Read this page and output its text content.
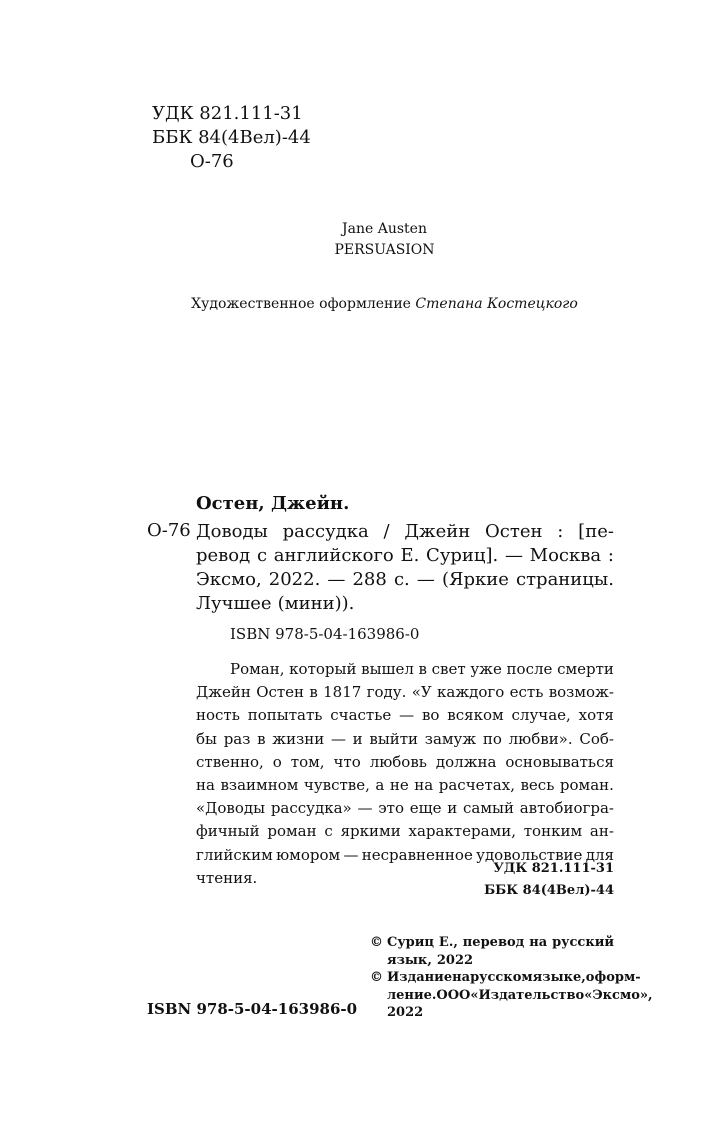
УДК 821.111-31
ББК 84(4Вел)-44
О-76
Jane Austen
PERSUASION
Художественное оформление Степана Костецкого
Остен, Джейн.
О-76 Доводы рассудка / Джейн Остен : [пе-
ревод с английского Е. Суриц]. — Москва :
Эксмо, 2022. — 288 с. — (Яркие страницы.
Лучшее (мини)).
ISBN 978-5-04-163986-0
Роман, который вышел в свет уже после смерти
Джейн Остен в 1817 году. «У каждого есть возмож-
ность попытать счастье — во всяком случае, хотя
бы раз в жизни — и выйти замуж по любви». Соб-
ственно, о том, что любовь должна основываться
на взаимном чувстве, а не на расчетах, весь роман.
«Доводы рассудка» — это еще и самый автобиогра-
фичный роман с яркими характерами, тонким ан-
глийским юмором — несравненное удовольствие для
чтения.
УДК 821.111-31
ББК 84(4Вел)-44
© Суриц Е., перевод на русский
язык, 2022
© Издание на русском языке, оформ-
ление. ООО «Издательство «Эксмо»,
2022
ISBN 978-5-04-163986-0
